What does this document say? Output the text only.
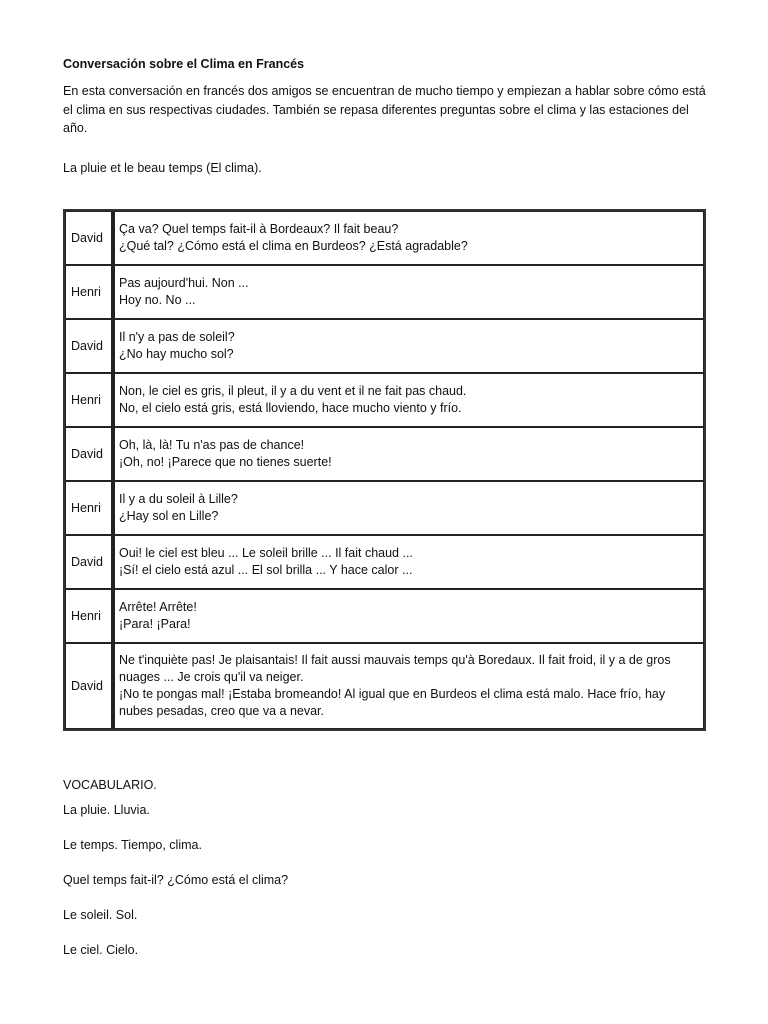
Conversación sobre el Clima en Francés

En esta conversación en francés dos amigos se encuentran de mucho tiempo y empiezan a hablar sobre cómo está el clima en sus respectivas ciudades. También se repasa diferentes preguntas sobre el clima y las estaciones del año.

La pluie et le beau temps (El clima).

David	Ça va? Quel temps fait-il à Bordeaux? Il fait beau?
¿Qué tal? ¿Cómo está el clima en Burdeos? ¿Está agradable?

Henri	Pas aujourd'hui. Non ...
Hoy no. No ...

David	Il n'y a pas de soleil?
¿No hay mucho sol?

Henri	Non, le ciel es gris, il pleut, il y a du vent et il ne fait pas chaud.
No, el cielo está gris, está lloviendo, hace mucho viento y frío.

David	Oh, là, là! Tu n'as pas de chance!
¡Oh, no! ¡Parece que no tienes suerte!

Henri	Il y a du soleil à Lille?
¿Hay sol en Lille?

David	Oui! le ciel est bleu ... Le soleil brille ... Il fait chaud ...
¡Sí! el cielo está azul ... El sol brilla ... Y hace calor ...

Henri	Arrête! Arrête!
¡Para! ¡Para!

David	Ne t'inquiète pas! Je plaisantais! Il fait aussi mauvais temps qu'à Boredaux. Il fait froid, il y a de gros nuages ... Je crois qu'il va neiger.
¡No te pongas mal! ¡Estaba bromeando! Al igual que en Burdeos el clima está malo. Hace frío, hay nubes pesadas, creo que va a nevar.

VOCABULARIO.

La pluie. Lluvia.

Le temps. Tiempo, clima.

Quel temps fait-il? ¿Cómo está el clima?

Le soleil. Sol.

Le ciel. Cielo.
